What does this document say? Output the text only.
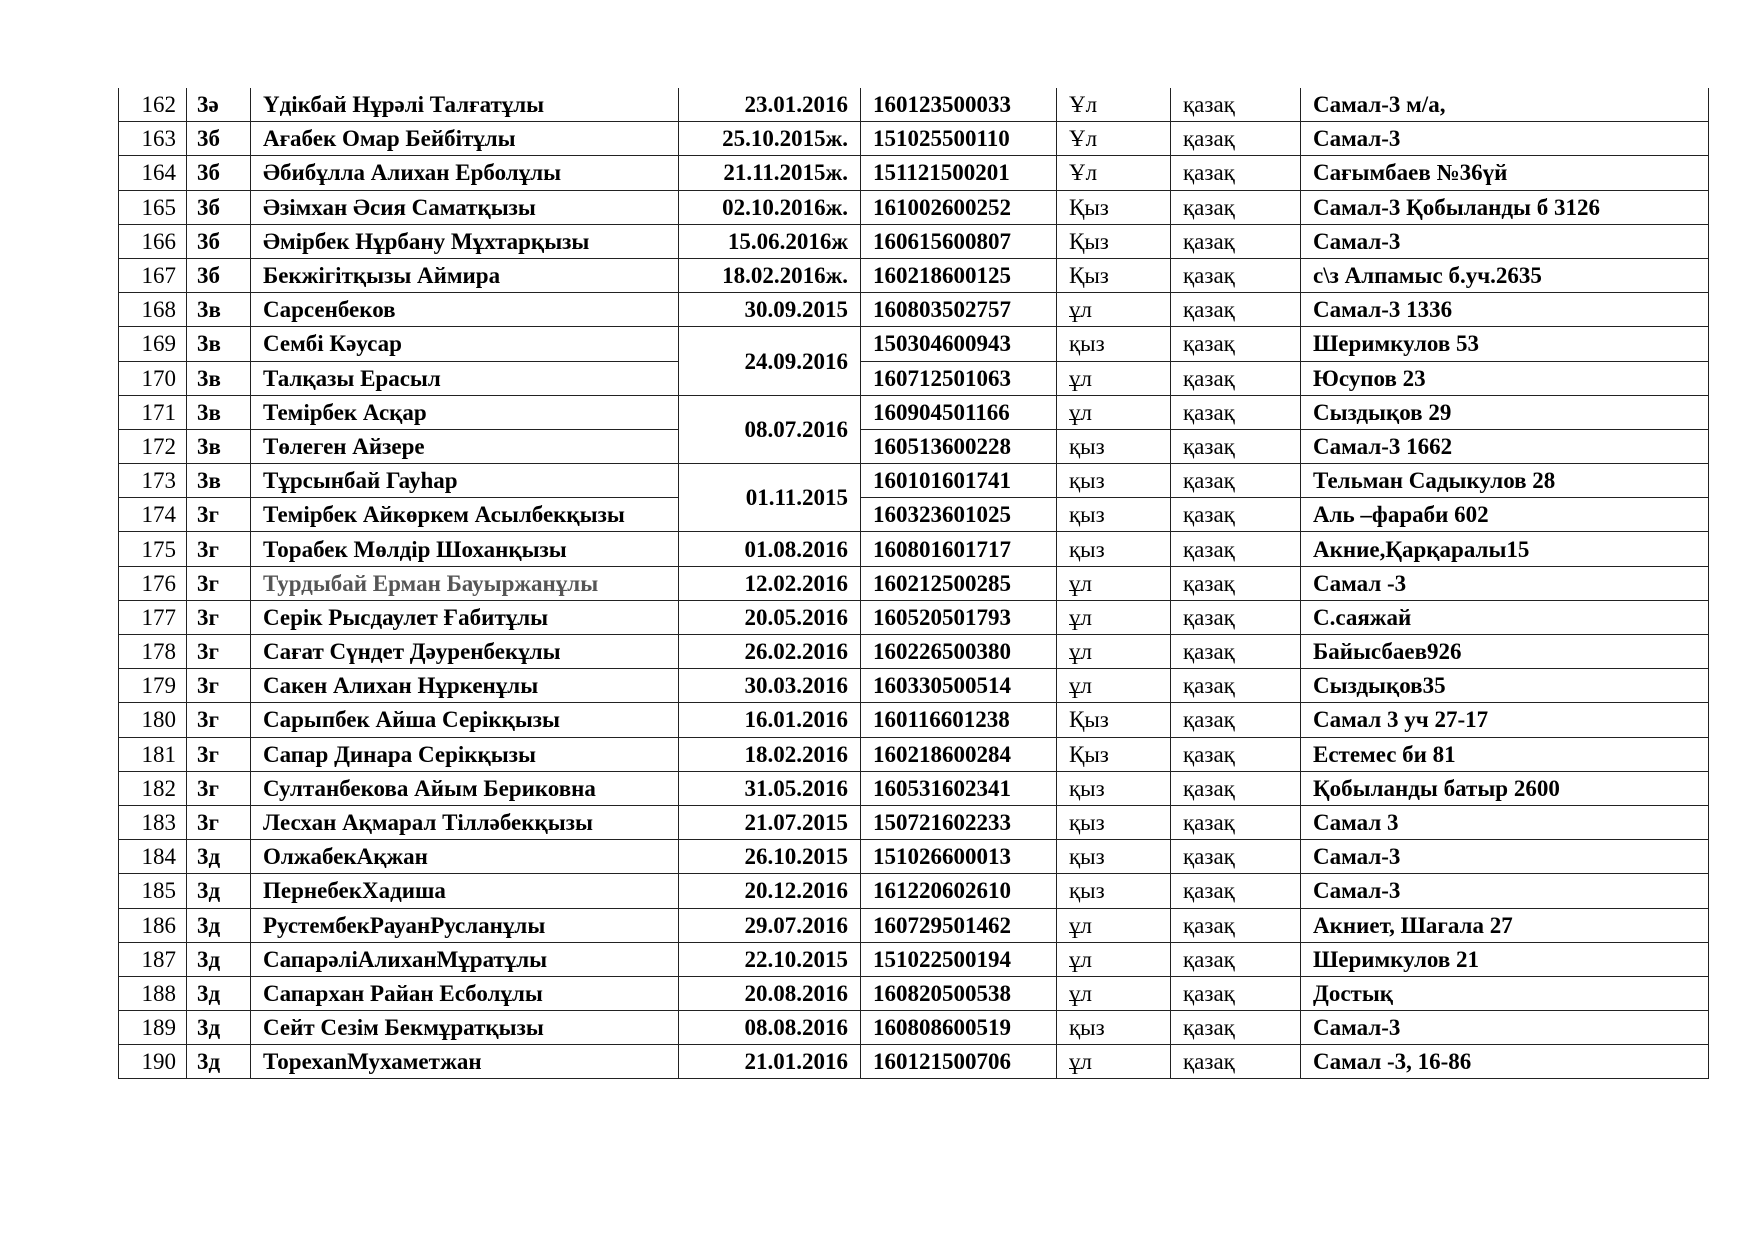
162	3ә	Үдікбай Нұрәлі Талғатұлы	23.01.2016	160123500033	Ұл	қазақ	Самал-3 м/а,
163	3б	Ағабек Омар Бейбітұлы	25.10.2015ж.	151025500110	Ұл	қазақ	Самал-3
164	3б	Әбибұлла Алихан Ерболұлы	21.11.2015ж.	151121500201	Ұл	қазақ	Сағымбаев №36үй
165	3б	Әзімхан Әсия Саматқызы	02.10.2016ж.	161002600252	Қыз	қазақ	Самал-3 Қобыланды б 3126
166	3б	Әмірбек Нұрбану Мұхтарқызы	15.06.2016ж	160615600807	Қыз	қазақ	Самал-3
167	3б	Бекжігітқызы Аймира	18.02.2016ж.	160218600125	Қыз	қазақ	с\з Алпамыс б.уч.2635
168	3в	Сарсенбеков	30.09.2015	160803502757	ұл	қазақ	Самал-3 1336
169	3в	Сембі Кәусар	24.09.2016	150304600943	қыз	қазақ	Шеримкулов 53
170	3в	Талқазы Ерасыл		160712501063	ұл	қазақ	Юсупов 23
171	3в	Темірбек Асқар	08.07.2016	160904501166	ұл	қазақ	Сыздықов 29
172	3в	Төлеген Айзере		160513600228	қыз	қазақ	Самал-3 1662
173	3в	Тұрсынбай Гауһар	01.11.2015	160101601741	қыз	қазақ	Тельман Садыкулов 28
174	3г	Темірбек Айкөркем Асылбекқызы		160323601025	қыз	қазақ	Аль –фараби 602
175	3г	Торабек Мөлдір Шоханқызы	01.08.2016	160801601717	қыз	қазақ	Акние,Қарқаралы15
176	3г	Турдыбай Ерман Бауыржанұлы	12.02.2016	160212500285	ұл	қазақ	Самал -3
177	3г	Серік Рысдаулет Ғабитұлы	20.05.2016	160520501793	ұл	қазақ	С.саяжай
178	3г	Сағат Сүндет Дәуренбекұлы	26.02.2016	160226500380	ұл	қазақ	Байысбаев926
179	3г	Сакен Алихан Нұркенұлы	30.03.2016	160330500514	ұл	қазақ	Сыздықов35
180	3г	Сарыпбек Айша Серікқызы	16.01.2016	160116601238	Қыз	қазақ	Самал 3 уч 27-17
181	3г	Сапар Динара Серікқызы	18.02.2016	160218600284	Қыз	қазақ	Естемес би 81
182	3г	Султанбекова Айым Бериковна	31.05.2016	160531602341	қыз	қазақ	Қобыланды батыр 2600
183	3г	Лесхан Ақмарал Тілләбекқызы	21.07.2015	150721602233	қыз	қазақ	Самал 3
184	3д	ОлжабекАқжан	26.10.2015	151026600013	қыз	қазақ	Самал-3
185	3д	ПернебекХадиша	20.12.2016	161220602610	қыз	қазақ	Самал-3
186	3д	РустембекРауанРусланұлы	29.07.2016	160729501462	ұл	қазақ	Акниет, Шагала 27
187	3д	СапарәліАлиханМұратұлы	22.10.2015	151022500194	ұл	қазақ	Шеримкулов 21
188	3д	Сапархан Райан Есболұлы	20.08.2016	160820500538	ұл	қазақ	Достық
189	3д	Сейт Сезім Бекмұратқызы	08.08.2016	160808600519	қыз	қазақ	Самал-3
190	3д	ТорехanМухаметжан	21.01.2016	160121500706	ұл	қазақ	Самал -3, 16-86
